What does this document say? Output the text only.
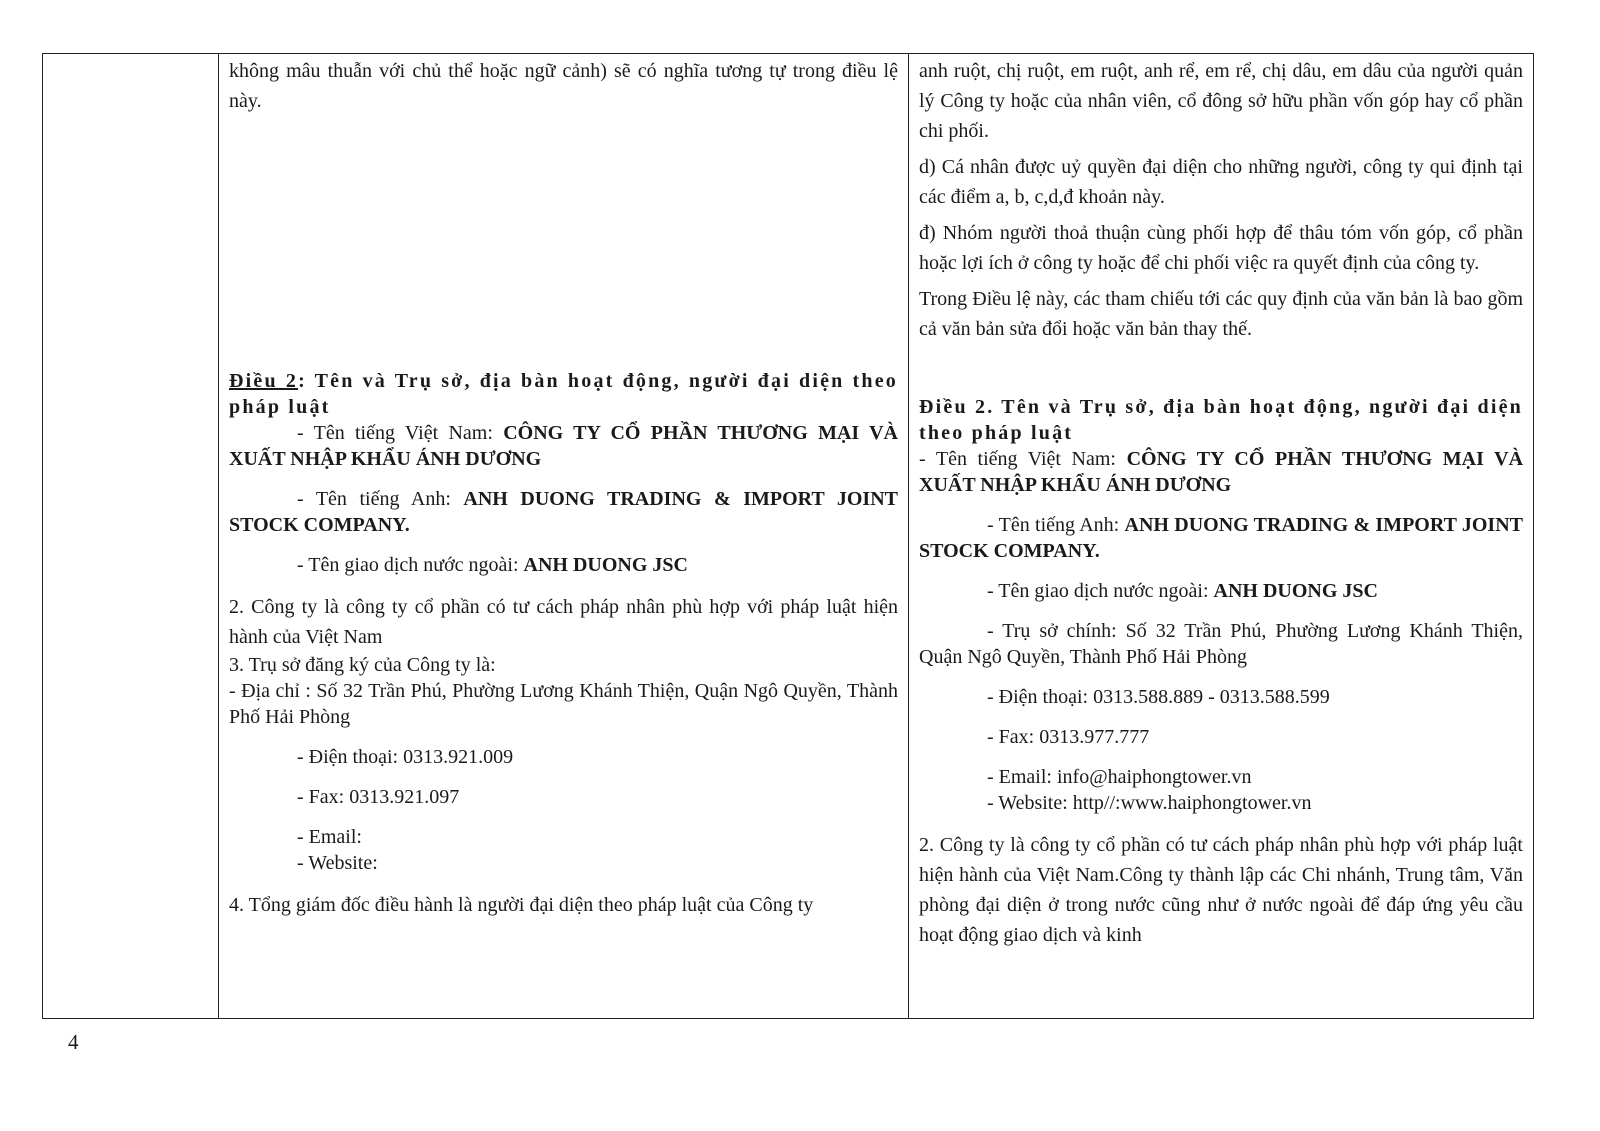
không mâu thuẫn với chủ thể hoặc ngữ cảnh) sẽ có nghĩa tương tự trong điều lệ này.

Điều 2: Tên và Trụ sở, địa bàn hoạt động, người đại diện theo pháp luật

- Tên tiếng Việt Nam: CÔNG TY CỔ PHẦN THƯƠNG MẠI VÀ XUẤT NHẬP KHẨU ÁNH DƯƠNG

- Tên tiếng Anh: ANH DUONG TRADING & IMPORT JOINT STOCK COMPANY.

- Tên giao dịch nước ngoài: ANH DUONG JSC

2. Công ty là công ty cổ phần có tư cách pháp nhân phù hợp với pháp luật hiện hành của Việt Nam

3. Trụ sở đăng ký của Công ty là:

- Địa chỉ : Số 32 Trần Phú, Phường Lương Khánh Thiện, Quận Ngô Quyền, Thành Phố Hải Phòng

- Điện thoại: 0313.921.009

- Fax: 0313.921.097

- Email:

- Website:

4. Tổng giám đốc điều hành là người đại diện theo pháp luật của Công ty

anh ruột, chị ruột, em ruột, anh rể, em rể, chị dâu, em dâu của người quản lý Công ty hoặc của nhân viên, cổ đông sở hữu phần vốn góp hay cổ phần chi phối.

d) Cá nhân được uỷ quyền đại diện cho những người, công ty qui định tại các điểm a, b, c,d,đ khoản này.

đ) Nhóm người thoả thuận cùng phối hợp để thâu tóm vốn góp, cổ phần hoặc lợi ích ở công ty hoặc để chi phối việc ra quyết định của công ty.

Trong Điều lệ này, các tham chiếu tới các quy định của văn bản là bao gồm cả văn bản sửa đổi hoặc văn bản thay thế.

Điều 2. Tên và Trụ sở, địa bàn hoạt động, người đại diện theo pháp luật

- Tên tiếng Việt Nam: CÔNG TY CỔ PHẦN THƯƠNG MẠI VÀ XUẤT NHẬP KHẨU ÁNH DƯƠNG

- Tên tiếng Anh: ANH DUONG TRADING & IMPORT JOINT STOCK COMPANY.

- Tên giao dịch nước ngoài: ANH DUONG JSC

- Trụ sở chính: Số 32 Trần Phú, Phường Lương Khánh Thiện, Quận Ngô Quyền, Thành Phố Hải Phòng

- Điện thoại: 0313.588.889 - 0313.588.599

- Fax: 0313.977.777

- Email: info@haiphongtower.vn

- Website: http//:www.haiphongtower.vn

2. Công ty là công ty cổ phần có tư cách pháp nhân phù hợp với pháp luật hiện hành của Việt Nam.Công ty thành lập các Chi nhánh, Trung tâm, Văn phòng đại diện ở trong nước cũng như ở nước ngoài để đáp ứng yêu cầu hoạt động giao dịch và kinh

4
